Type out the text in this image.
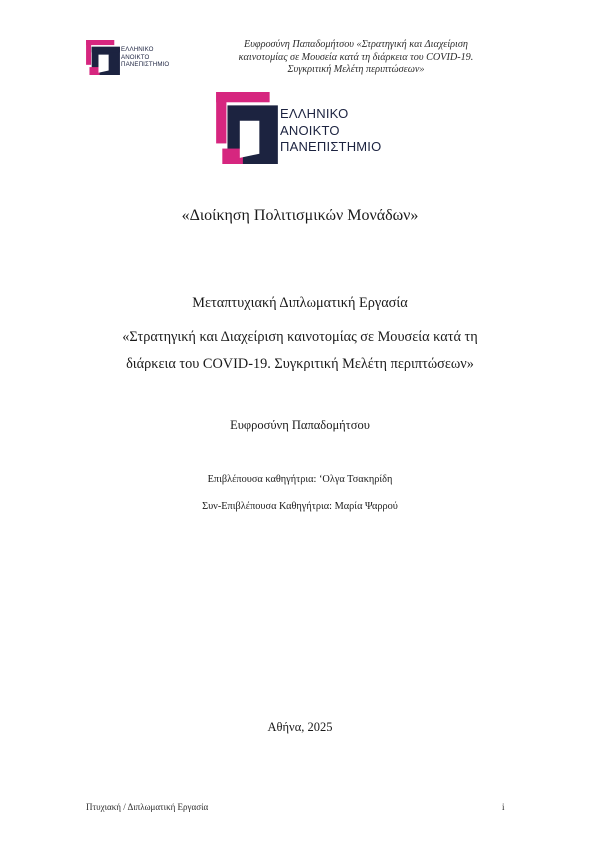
ΕΛΛΗΝΙΚΟ
ΑΝΟΙΚΤΟ
ΠΑΝΕΠΙΣΤΗΜΙΟ
Ευφροσύνη Παπαδομήτσου «Στρατηγική και Διαχείριση
καινοτομίας σε Μουσεία κατά τη διάρκεια του COVID-19.
Συγκριτική Μελέτη περιπτώσεων»
ΕΛΛΗΝΙΚΟ
ΑΝΟΙΚΤΟ
ΠΑΝΕΠΙΣΤΗΜΙΟ
«Διοίκηση Πολιτισμικών Μονάδων»
Μεταπτυχιακή Διπλωματική Εργασία
«Στρατηγική και Διαχείριση καινοτομίας σε Μουσεία κατά τη
διάρκεια του COVID-19. Συγκριτική Μελέτη περιπτώσεων»
Ευφροσύνη Παπαδομήτσου
Επιβλέπουσα καθηγήτρια: ‘Ολγα Τσακηρίδη
Συν-Επιβλέπουσα Καθηγήτρια: Μαρία Ψαρρού
Αθήνα, 2025
Πτυχιακή / Διπλωματική Εργασία	i
